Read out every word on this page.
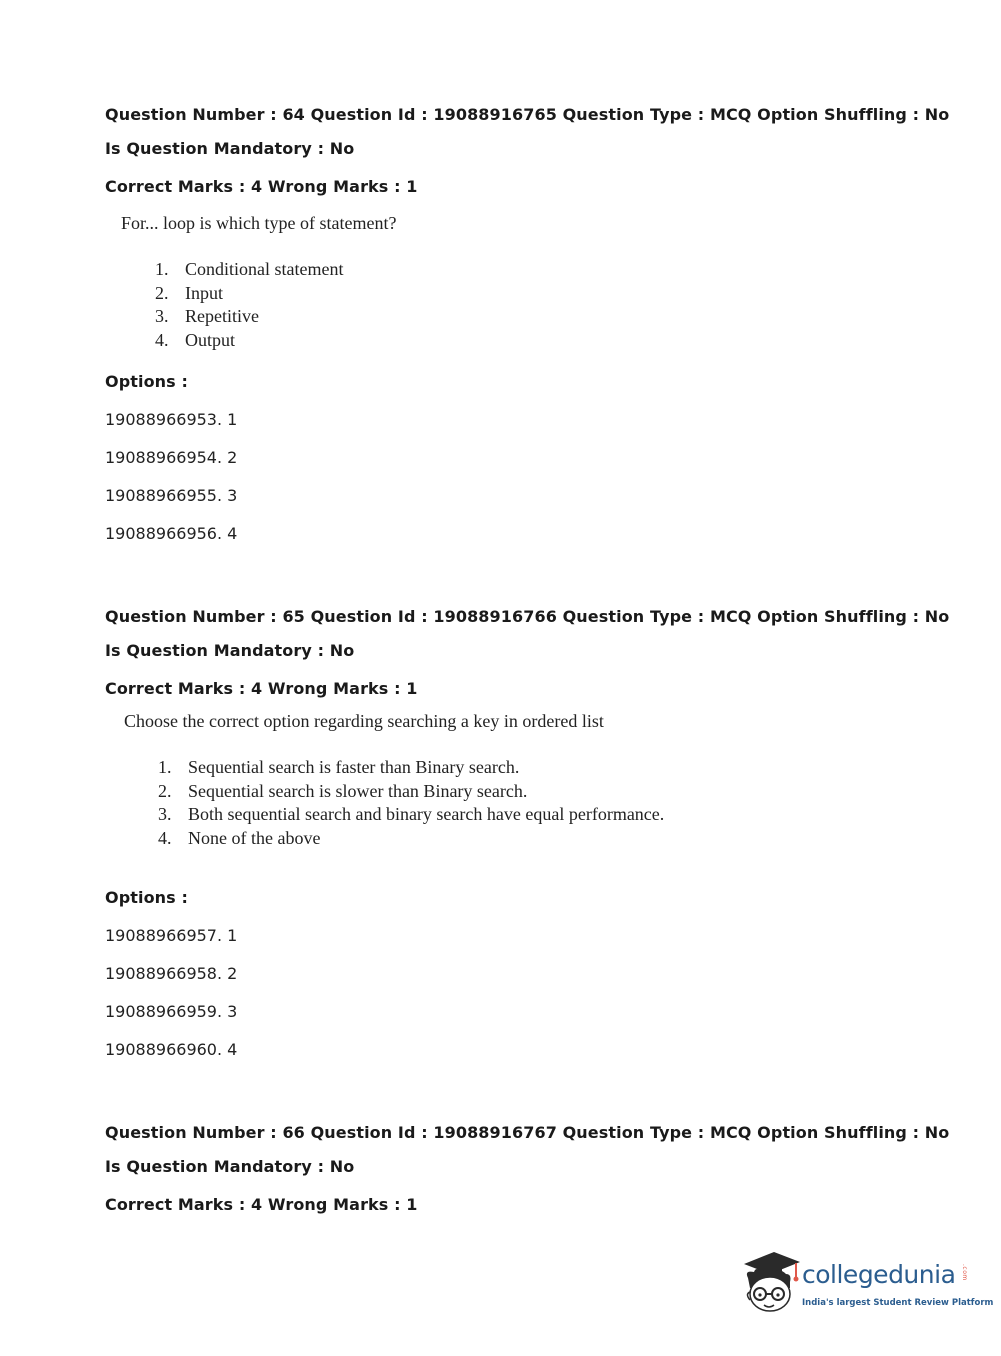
Question Number : 64 Question Id : 19088916765 Question Type : MCQ Option Shuffling : No
Is Question Mandatory : No
Correct Marks : 4 Wrong Marks : 1
For... loop is which type of statement?
1. Conditional statement
2. Input
3. Repetitive
4. Output
Options :
19088966953. 1
19088966954. 2
19088966955. 3
19088966956. 4
Question Number : 65 Question Id : 19088916766 Question Type : MCQ Option Shuffling : No
Is Question Mandatory : No
Correct Marks : 4 Wrong Marks : 1
Choose the correct option regarding searching a key in ordered list
1. Sequential search is faster than Binary search.
2. Sequential search is slower than Binary search.
3. Both sequential search and binary search have equal performance.
4. None of the above
Options :
19088966957. 1
19088966958. 2
19088966959. 3
19088966960. 4
Question Number : 66 Question Id : 19088916767 Question Type : MCQ Option Shuffling : No
Is Question Mandatory : No
Correct Marks : 4 Wrong Marks : 1
collegedunia .com
India's largest Student Review Platform
